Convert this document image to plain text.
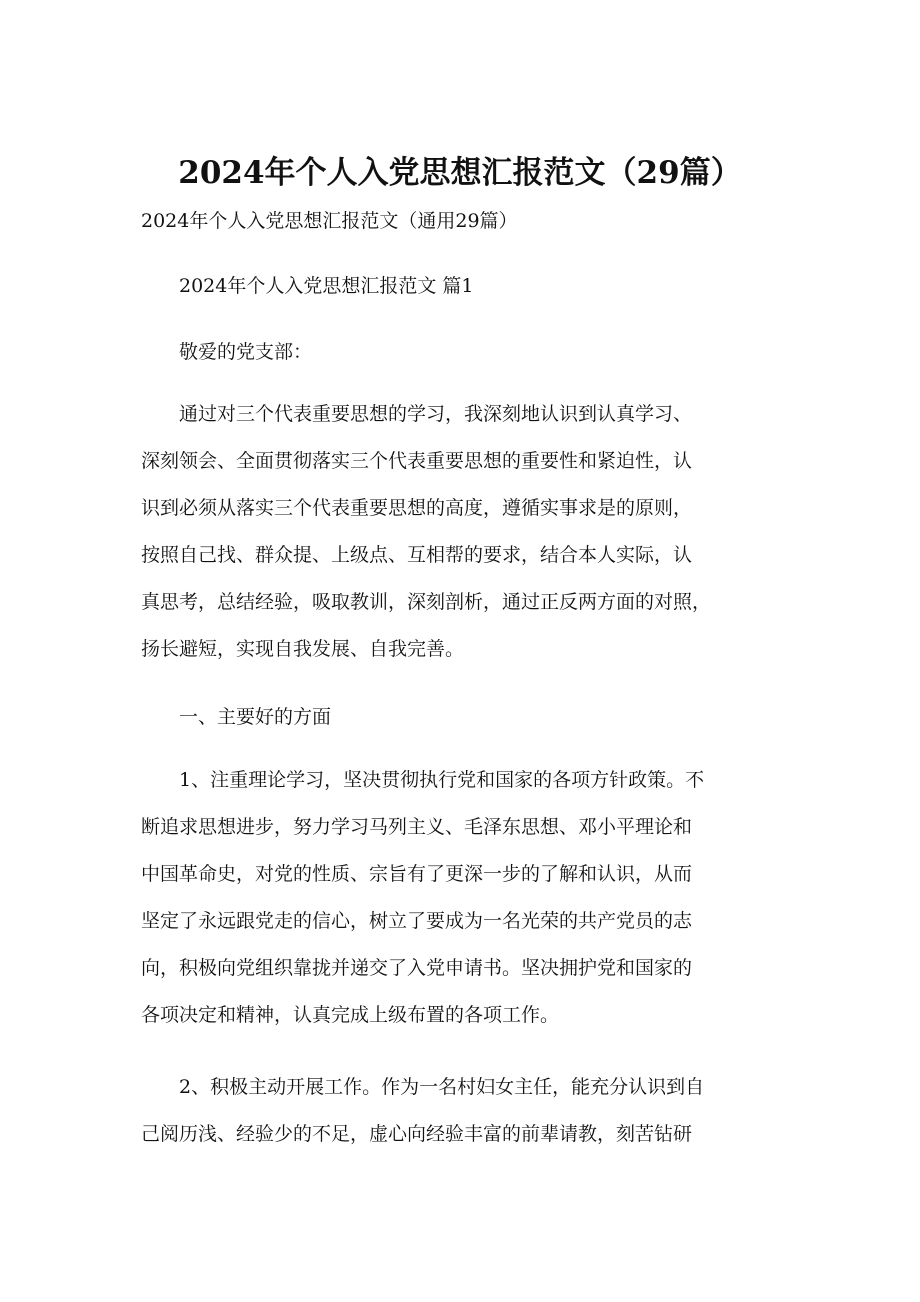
2024年个人入党思想汇报范文（29篇）
2024年个人入党思想汇报范文（通用29篇）
2024年个人入党思想汇报范文 篇1
敬爱的党支部：
通过对三个代表重要思想的学习，我深刻地认识到认真学习、
深刻领会、全面贯彻落实三个代表重要思想的重要性和紧迫性，认
识到必须从落实三个代表重要思想的高度，遵循实事求是的原则，
按照自己找、群众提、上级点、互相帮的要求，结合本人实际，认
真思考，总结经验，吸取教训，深刻剖析，通过正反两方面的对照，
扬长避短，实现自我发展、自我完善。
一、主要好的方面
1、注重理论学习，坚决贯彻执行党和国家的各项方针政策。不
断追求思想进步，努力学习马列主义、毛泽东思想、邓小平理论和
中国革命史，对党的性质、宗旨有了更深一步的了解和认识，从而
坚定了永远跟党走的信心，树立了要成为一名光荣的共产党员的志
向，积极向党组织靠拢并递交了入党申请书。坚决拥护党和国家的
各项决定和精神，认真完成上级布置的各项工作。
2、积极主动开展工作。作为一名村妇女主任，能充分认识到自
己阅历浅、经验少的不足，虚心向经验丰富的前辈请教，刻苦钻研
